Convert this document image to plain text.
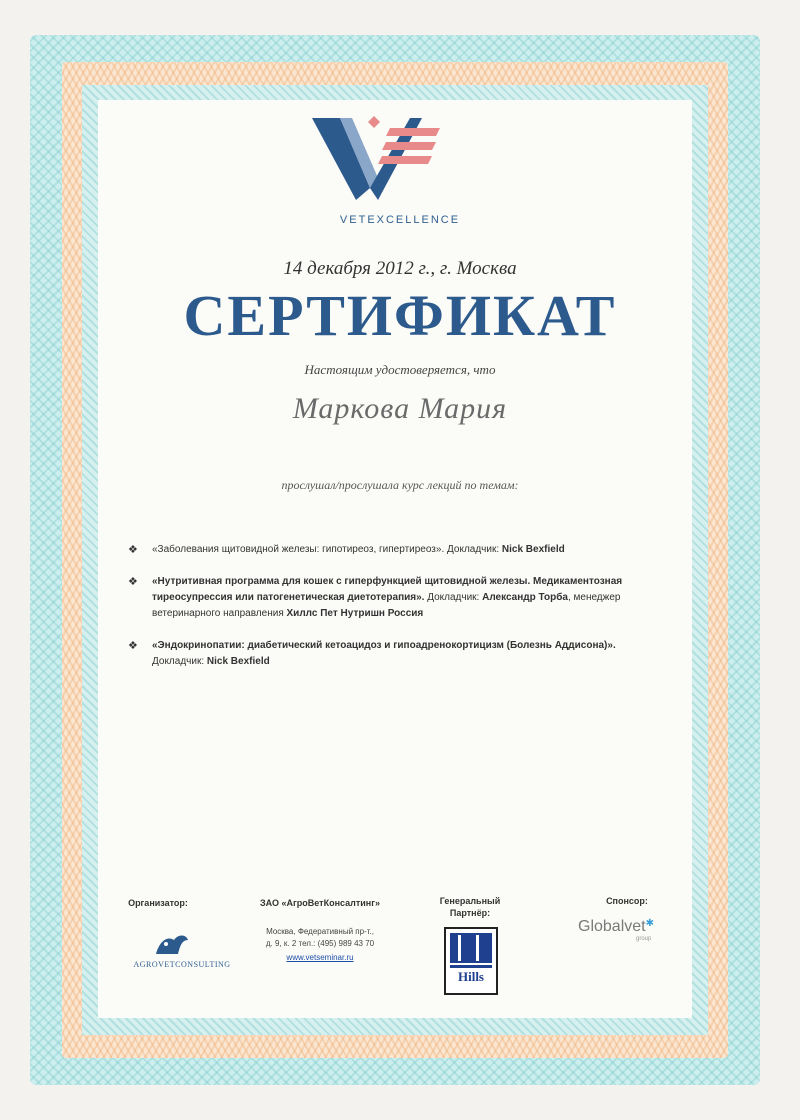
VETEXCELLENCE
14 декабря 2012 г., г. Москва
СЕРТИФИКАТ
Настоящим удостоверяется, что
Маркова Мария
прослушал/прослушала курс лекций по темам:
❖ «Заболевания щитовидной железы: гипотиреоз, гипертиреоз». Докладчик: Nick Bexfield
❖ «Нутритивная программа для кошек с гиперфункцией щитовидной железы. Медикаментозная тиреосупрессия или патогенетическая диетотерапия». Докладчик: Александр Торба, менеджер ветеринарного направления Хиллс Пет Нутришн Россия
❖ «Эндокринопатии: диабетический кетоацидоз и гипоадренокортицизм (Болезнь Аддисона)». Докладчик: Nick Bexfield
Организатор:
AGROVETCONSULTING
ЗАО «АгроВетКонсалтинг»
Москва, Федеративный пр-т.,
д. 9, к. 2 тел.: (495) 989 43 70
www.vetseminar.ru
Генеральный
Партнёр:
Hills
Спонсор:
Globalvet✱
group
